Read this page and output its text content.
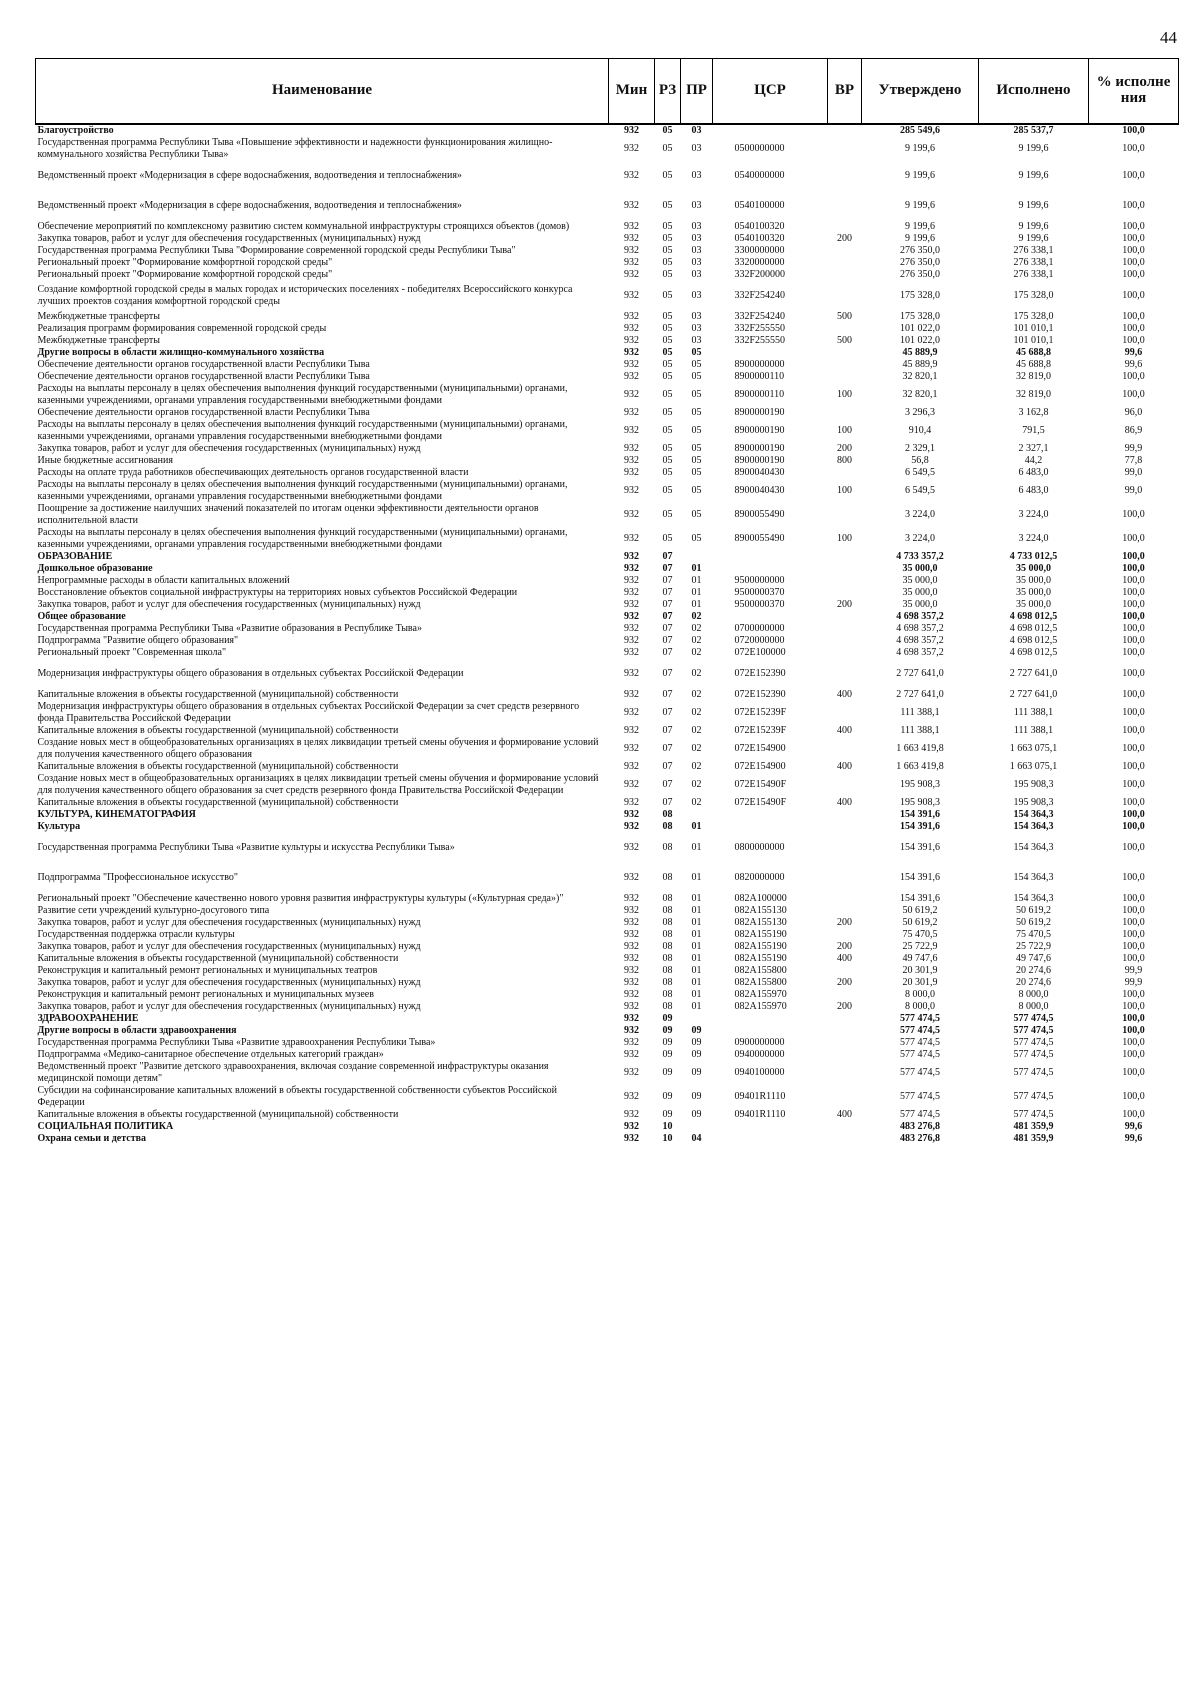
44
Наименование	Мин	РЗ	ПР	ЦСР	ВР	Утверждено	Исполнено	% исполне ния
Благоустройство	932	05	03			285 549,6	285 537,7	100,0
Государственная программа Республики Тыва «Повышение эффективности и надежности функционирования жилищно-коммунального хозяйства Республики Тыва»	932	05	03	0500000000		9 199,6	9 199,6	100,0
Ведомственный проект «Модернизация в сфере водоснабжения, водоотведения и теплоснабжения»	932	05	03	0540000000		9 199,6	9 199,6	100,0
Ведомственный проект «Модернизация в сфере водоснабжения, водоотведения и теплоснабжения»	932	05	03	0540100000		9 199,6	9 199,6	100,0
Обеспечение мероприятий по комплексному развитию систем коммунальной инфраструктуры строящихся объектов (домов)	932	05	03	0540100320		9 199,6	9 199,6	100,0
Закупка товаров, работ и услуг для обеспечения государственных (муниципальных) нужд	932	05	03	0540100320	200	9 199,6	9 199,6	100,0
Государственная программа Республики Тыва "Формирование современной городской среды Республики Тыва"	932	05	03	3300000000		276 350,0	276 338,1	100,0
Региональный проект "Формирование комфортной городской среды"	932	05	03	3320000000		276 350,0	276 338,1	100,0
Региональный проект "Формирование комфортной городской среды"	932	05	03	332F200000		276 350,0	276 338,1	100,0
Создание комфортной городской среды в малых городах и исторических поселениях - победителях Всероссийского конкурса лучших проектов создания комфортной городской среды	932	05	03	332F254240		175 328,0	175 328,0	100,0
Межбюджетные трансферты	932	05	03	332F254240	500	175 328,0	175 328,0	100,0
Реализация программ формирования современной городской среды	932	05	03	332F255550		101 022,0	101 010,1	100,0
Межбюджетные трансферты	932	05	03	332F255550	500	101 022,0	101 010,1	100,0
Другие вопросы в области жилищно-коммунального хозяйства	932	05	05			45 889,9	45 688,8	99,6
Обеспечение деятельности органов государственной власти Республики Тыва	932	05	05	8900000000		45 889,9	45 688,8	99,6
Обеспечение деятельности органов государственной власти Республики Тыва	932	05	05	8900000110		32 820,1	32 819,0	100,0
Расходы на выплаты персоналу в целях обеспечения выполнения функций государственными (муниципальными) органами, казенными учреждениями, органами управления государственными внебюджетными фондами	932	05	05	8900000110	100	32 820,1	32 819,0	100,0
Обеспечение деятельности органов государственной власти Республики Тыва	932	05	05	8900000190		3 296,3	3 162,8	96,0
Расходы на выплаты персоналу в целях обеспечения выполнения функций государственными (муниципальными) органами, казенными учреждениями, органами управления государственными внебюджетными фондами	932	05	05	8900000190	100	910,4	791,5	86,9
Закупка товаров, работ и услуг для обеспечения государственных (муниципальных) нужд	932	05	05	8900000190	200	2 329,1	2 327,1	99,9
Иные бюджетные ассигнования	932	05	05	8900000190	800	56,8	44,2	77,8
Расходы на оплате труда работников обеспечивающих деятельность органов государственной власти	932	05	05	8900040430		6 549,5	6 483,0	99,0
Расходы на выплаты персоналу в целях обеспечения выполнения функций государственными (муниципальными) органами, казенными учреждениями, органами управления государственными внебюджетными фондами	932	05	05	8900040430	100	6 549,5	6 483,0	99,0
Поощрение за достижение наилучших значений показателей по итогам оценки эффективности деятельности органов исполнительной власти	932	05	05	8900055490		3 224,0	3 224,0	100,0
Расходы на выплаты персоналу в целях обеспечения выполнения функций государственными (муниципальными) органами, казенными учреждениями, органами управления государственными внебюджетными фондами	932	05	05	8900055490	100	3 224,0	3 224,0	100,0
ОБРАЗОВАНИЕ	932	07				4 733 357,2	4 733 012,5	100,0
Дошкольное образование	932	07	01			35 000,0	35 000,0	100,0
Непрограммные расходы в области капитальных вложений	932	07	01	9500000000		35 000,0	35 000,0	100,0
Восстановление объектов социальной инфраструктуры на территориях новых субъектов Российской Федерации	932	07	01	9500000370		35 000,0	35 000,0	100,0
Закупка товаров, работ и услуг для обеспечения государственных (муниципальных) нужд	932	07	01	9500000370	200	35 000,0	35 000,0	100,0
Общее образование	932	07	02			4 698 357,2	4 698 012,5	100,0
Государственная программа Республики Тыва «Развитие образования в Республике Тыва»	932	07	02	0700000000		4 698 357,2	4 698 012,5	100,0
Подпрограмма "Развитие общего образования"	932	07	02	0720000000		4 698 357,2	4 698 012,5	100,0
Региональный проект "Современная школа"	932	07	02	072E100000		4 698 357,2	4 698 012,5	100,0
Модернизация инфраструктуры общего образования в отдельных субъектах Российской Федерации	932	07	02	072E152390		2 727 641,0	2 727 641,0	100,0
Капитальные вложения в объекты государственной (муниципальной) собственности	932	07	02	072E152390	400	2 727 641,0	2 727 641,0	100,0
Модернизация инфраструктуры общего образования в отдельных субъектах Российской Федерации за счет средств резервного фонда Правительства Российской Федерации	932	07	02	072E15239F		111 388,1	111 388,1	100,0
Капитальные вложения в объекты государственной (муниципальной) собственности	932	07	02	072E15239F	400	111 388,1	111 388,1	100,0
Создание новых мест в общеобразовательных организациях в целях ликвидации третьей смены обучения и формирование условий для получения качественного общего образования	932	07	02	072E154900		1 663 419,8	1 663 075,1	100,0
Капитальные вложения в объекты государственной (муниципальной) собственности	932	07	02	072E154900	400	1 663 419,8	1 663 075,1	100,0
Создание новых мест в общеобразовательных организациях в целях ликвидации третьей смены обучения и формирование условий для получения качественного общего образования за счет средств резервного фонда Правительства Российской Федерации	932	07	02	072E15490F		195 908,3	195 908,3	100,0
Капитальные вложения в объекты государственной (муниципальной) собственности	932	07	02	072E15490F	400	195 908,3	195 908,3	100,0
КУЛЬТУРА, КИНЕМАТОГРАФИЯ	932	08				154 391,6	154 364,3	100,0
Культура	932	08	01			154 391,6	154 364,3	100,0
Государственная программа Республики Тыва «Развитие культуры и искусства Республики Тыва»	932	08	01	0800000000		154 391,6	154 364,3	100,0
Подпрограмма "Профессиональное искусство"	932	08	01	0820000000		154 391,6	154 364,3	100,0
Региональный проект "Обеспечение качественно нового уровня развития инфраструктуры культуры («Культурная среда»)"	932	08	01	082A100000		154 391,6	154 364,3	100,0
Развитие сети учреждений культурно-досугового типа	932	08	01	082A155130		50 619,2	50 619,2	100,0
Закупка товаров, работ и услуг для обеспечения государственных (муниципальных) нужд	932	08	01	082A155130	200	50 619,2	50 619,2	100,0
Государственная поддержка отрасли культуры	932	08	01	082A155190		75 470,5	75 470,5	100,0
Закупка товаров, работ и услуг для обеспечения государственных (муниципальных) нужд	932	08	01	082A155190	200	25 722,9	25 722,9	100,0
Капитальные вложения в объекты государственной (муниципальной) собственности	932	08	01	082A155190	400	49 747,6	49 747,6	100,0
Реконструкция и капитальный ремонт региональных и муниципальных театров	932	08	01	082A155800		20 301,9	20 274,6	99,9
Закупка товаров, работ и услуг для обеспечения государственных (муниципальных) нужд	932	08	01	082A155800	200	20 301,9	20 274,6	99,9
Реконструкция и капитальный ремонт региональных и муниципальных музеев	932	08	01	082A155970		8 000,0	8 000,0	100,0
Закупка товаров, работ и услуг для обеспечения государственных (муниципальных) нужд	932	08	01	082A155970	200	8 000,0	8 000,0	100,0
ЗДРАВООХРАНЕНИЕ	932	09				577 474,5	577 474,5	100,0
Другие вопросы в области здравоохранения	932	09	09			577 474,5	577 474,5	100,0
Государственная программа Республики Тыва «Развитие здравоохранения Республики Тыва»	932	09	09	0900000000		577 474,5	577 474,5	100,0
Подпрограмма «Медико-санитарное обеспечение отдельных категорий граждан»	932	09	09	0940000000		577 474,5	577 474,5	100,0
Ведомственный проект "Развитие детского здравоохранения, включая создание современной инфраструктуры оказания медицинской помощи детям"	932	09	09	0940100000		577 474,5	577 474,5	100,0
Субсидии на софинансирование капитальных вложений в объекты государственной собственности субъектов Российской Федерации	932	09	09	09401R1110		577 474,5	577 474,5	100,0
Капитальные вложения в объекты государственной (муниципальной) собственности	932	09	09	09401R1110	400	577 474,5	577 474,5	100,0
СОЦИАЛЬНАЯ ПОЛИТИКА	932	10				483 276,8	481 359,9	99,6
Охрана семьи и детства	932	10	04			483 276,8	481 359,9	99,6
